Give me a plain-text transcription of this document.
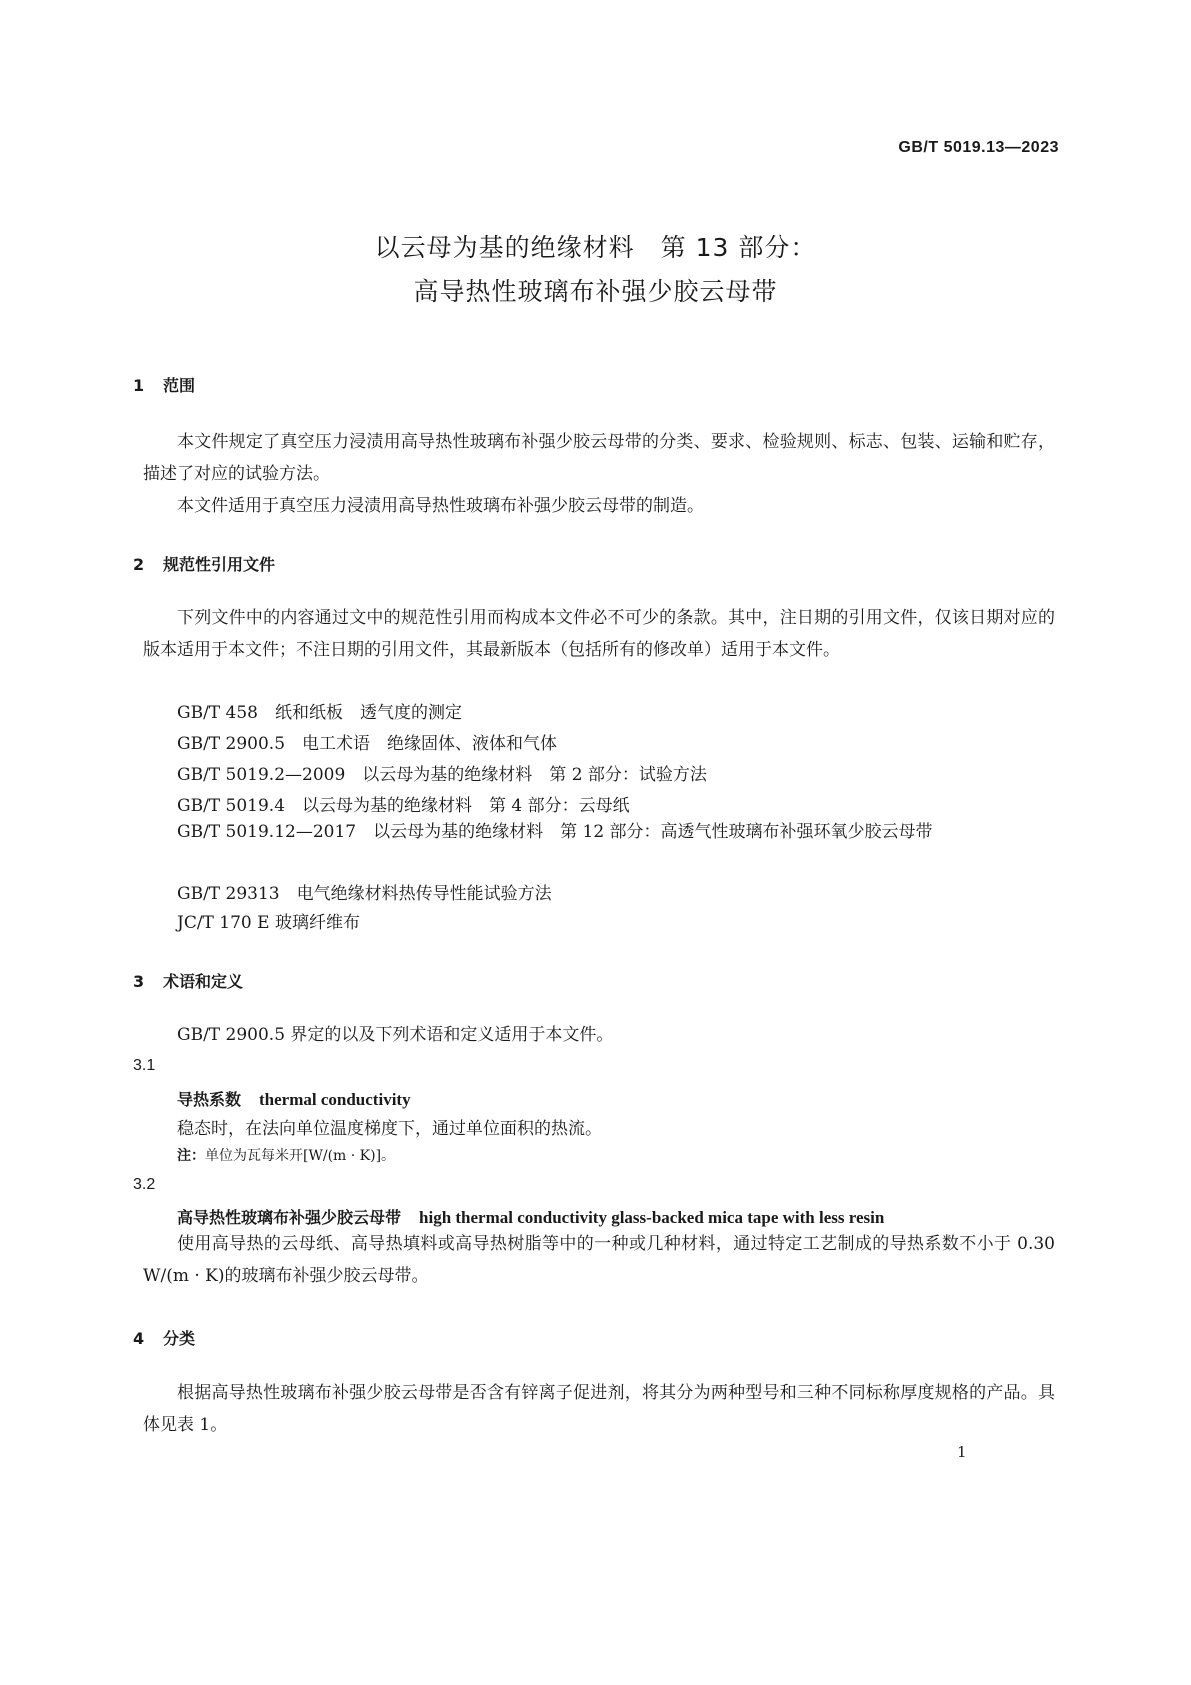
GB/T 5019.13—2023
以云母为基的绝缘材料　第 13 部分：
高导热性玻璃布补强少胶云母带
1 范围
本文件规定了真空压力浸渍用高导热性玻璃布补强少胶云母带的分类、要求、检验规则、标志、包装、运输和贮存，描述了对应的试验方法。
本文件适用于真空压力浸渍用高导热性玻璃布补强少胶云母带的制造。
2 规范性引用文件
下列文件中的内容通过文中的规范性引用而构成本文件必不可少的条款。其中，注日期的引用文件，仅该日期对应的版本适用于本文件；不注日期的引用文件，其最新版本（包括所有的修改单）适用于本文件。
GB/T 458　纸和纸板　透气度的测定
GB/T 2900.5　电工术语　绝缘固体、液体和气体
GB/T 5019.2—2009　以云母为基的绝缘材料　第 2 部分：试验方法
GB/T 5019.4　以云母为基的绝缘材料　第 4 部分：云母纸
GB/T 5019.12—2017　以云母为基的绝缘材料　第 12 部分：高透气性玻璃布补强环氧少胶云母带
GB/T 29313　电气绝缘材料热传导性能试验方法
JC/T 170 E 玻璃纤维布
3 术语和定义
GB/T 2900.5 界定的以及下列术语和定义适用于本文件。
3.1
导热系数 thermal conductivity
稳态时，在法向单位温度梯度下，通过单位面积的热流。
注：单位为瓦每米开[W/(m · K)]。
3.2
高导热性玻璃布补强少胶云母带 high thermal conductivity glass-backed mica tape with less resin
使用高导热的云母纸、高导热填料或高导热树脂等中的一种或几种材料，通过特定工艺制成的导热系数不小于 0.30 W/(m · K)的玻璃布补强少胶云母带。
4 分类
根据高导热性玻璃布补强少胶云母带是否含有锌离子促进剂，将其分为两种型号和三种不同标称厚度规格的产品。具体见表 1。
1
